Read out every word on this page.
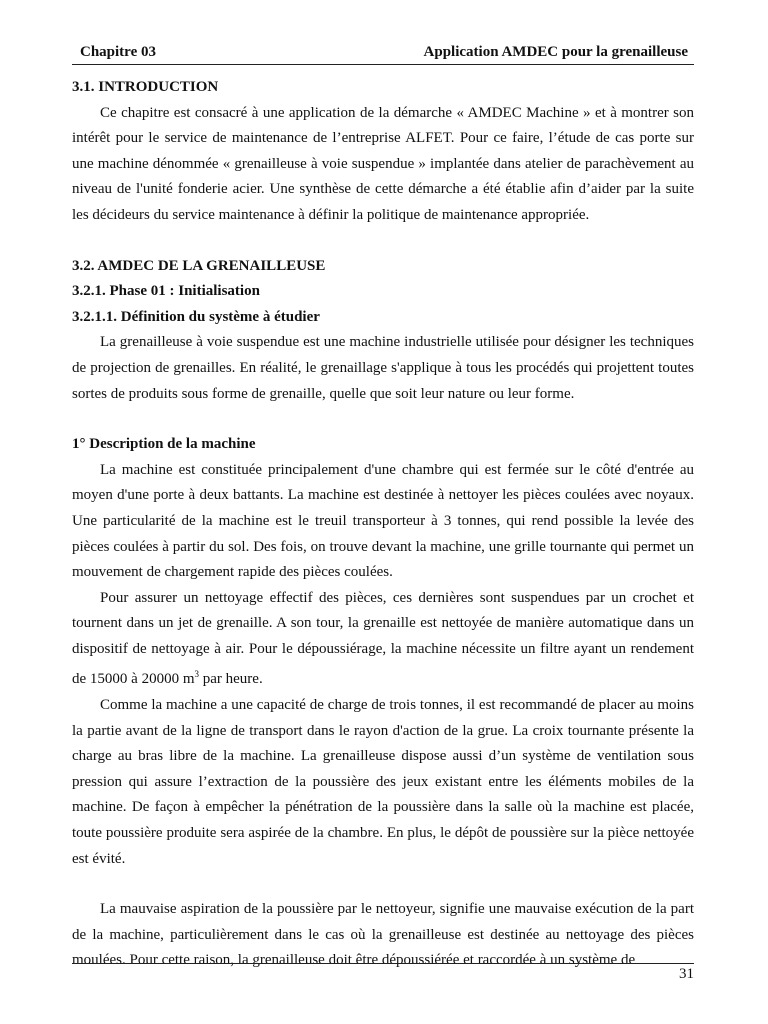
Chapitre 03	Application AMDEC pour la grenailleuse
3.1. INTRODUCTION

Ce chapitre est consacré à une application de la démarche « AMDEC Machine » et à montrer son intérêt pour le service de maintenance de l’entreprise ALFET. Pour ce faire, l’étude de cas porte sur une machine dénommée « grenailleuse à voie suspendue » implantée dans atelier de parachèvement au niveau de l'unité fonderie acier. Une synthèse de cette démarche a été établie afin d’aider par la suite les décideurs du service maintenance à définir la politique de maintenance appropriée.

3.2. AMDEC DE LA GRENAILLEUSE
3.2.1. Phase 01 : Initialisation
3.2.1.1. Définition du système à étudier

La grenailleuse à voie suspendue est une machine industrielle utilisée pour désigner les techniques de projection de grenailles. En réalité, le grenaillage s'applique à tous les procédés qui projettent toutes sortes de produits sous forme de grenaille, quelle que soit leur nature ou leur forme.

1° Description de la machine

La machine est constituée principalement d'une chambre qui est fermée sur le côté d'entrée au moyen d'une porte à deux battants. La machine est destinée à nettoyer les pièces coulées avec noyaux. Une particularité de la machine est le treuil transporteur à 3 tonnes, qui rend possible la levée des pièces coulées à partir du sol. Des fois, on trouve devant la machine, une grille tournante qui permet un mouvement de chargement rapide des pièces coulées.

Pour assurer un nettoyage effectif des pièces, ces dernières sont suspendues par un crochet et tournent dans un jet de grenaille. A son tour, la grenaille est nettoyée de manière automatique dans un dispositif de nettoyage à air. Pour le dépoussiérage, la machine nécessite un filtre ayant un rendement de 15000 à 20000 $m^3$ par heure.

Comme la machine a une capacité de charge de trois tonnes, il est recommandé de placer au moins la partie avant de la ligne de transport dans le rayon d'action de la grue. La croix tournante présente la charge au bras libre de la machine. La grenailleuse dispose aussi d’un système de ventilation sous pression qui assure l’extraction de la poussière des jeux existant entre les éléments mobiles de la machine. De façon à empêcher la pénétration de la poussière dans la salle où la machine est placée, toute poussière produite sera aspirée de la chambre. En plus, le dépôt de poussière sur la pièce nettoyée est évité.

La mauvaise aspiration de la poussière par le nettoyeur, signifie une mauvaise exécution de la part de la machine, particulièrement dans le cas où la grenailleuse est destinée au nettoyage des pièces moulées. Pour cette raison, la grenailleuse doit être dépoussiérée et raccordée à un système de

31
